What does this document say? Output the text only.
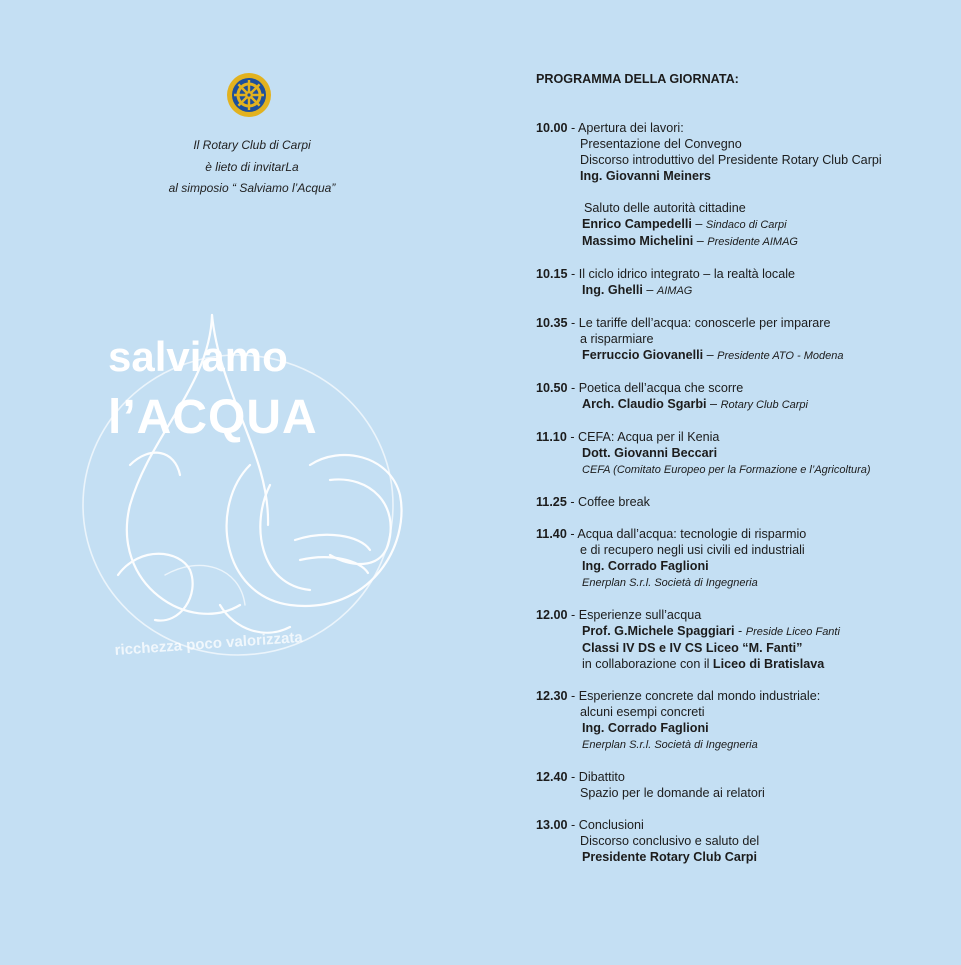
Il Rotary Club di Carpi
è lieto di invitarLa
al simposio “ Salviamo l’Acqua”
salviamo
l’ACQUA
ricchezza poco valorizzata
PROGRAMMA DELLA GIORNATA:
10.00 - Apertura dei lavori:
Presentazione del Convegno
Discorso introduttivo del Presidente Rotary Club Carpi
Ing. Giovanni Meiners
Saluto delle autorità cittadine
Enrico Campedelli – Sindaco di Carpi
Massimo Michelini – Presidente AIMAG
10.15 - Il ciclo idrico integrato – la realtà locale
Ing. Ghelli – AIMAG
10.35 - Le tariffe dell’acqua: conoscerle per imparare
a risparmiare
Ferruccio Giovanelli – Presidente ATO - Modena
10.50 - Poetica dell’acqua che scorre
Arch. Claudio Sgarbi – Rotary Club Carpi
11.10 - CEFA: Acqua per il Kenia
Dott. Giovanni Beccari
CEFA (Comitato Europeo per la Formazione e l’Agricoltura)
11.25 - Coffee break
11.40 - Acqua dall’acqua: tecnologie di risparmio
e di recupero negli usi civili ed industriali
Ing. Corrado Faglioni
Enerplan S.r.l. Società di Ingegneria
12.00 - Esperienze sull’acqua
Prof. G.Michele Spaggiari - Preside Liceo Fanti
Classi IV DS e IV CS Liceo “M. Fanti”
in collaborazione con il Liceo di Bratislava
12.30 - Esperienze concrete dal mondo industriale:
alcuni esempi concreti
Ing. Corrado Faglioni
Enerplan S.r.l. Società di Ingegneria
12.40 - Dibattito
Spazio per le domande ai relatori
13.00 - Conclusioni
Discorso conclusivo e saluto del
Presidente Rotary Club Carpi
